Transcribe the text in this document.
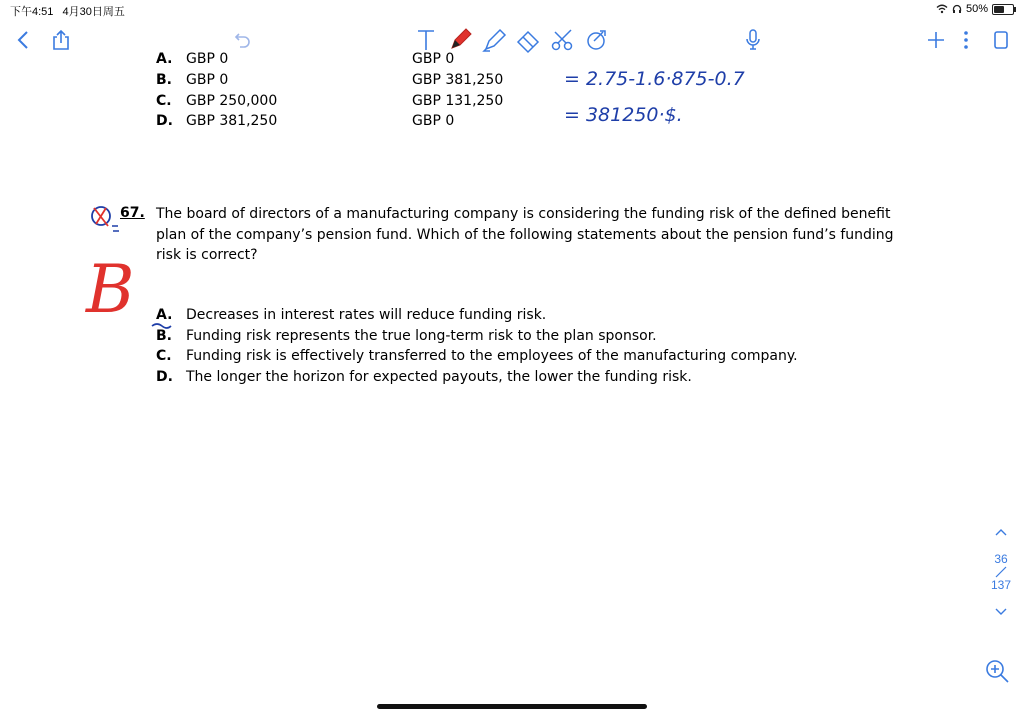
下午4:51 4月30日周五	50%
A. GBP 0	GBP 0
B. GBP 0	GBP 381,250
C. GBP 250,000	GBP 131,250
D. GBP 381,250	GBP 0
= 2.75-1.6·875-0.7
= 381250·$.
67. The board of directors of a manufacturing company is considering the funding risk of the defined benefit plan of the company’s pension fund. Which of the following statements about the pension fund’s funding risk is correct?
B A. Decreases in interest rates will reduce funding risk.
B. Funding risk represents the true long-term risk to the plan sponsor.
C. Funding risk is effectively transferred to the employees of the manufacturing company.
D. The longer the horizon for expected payouts, the lower the funding risk.
36
137
